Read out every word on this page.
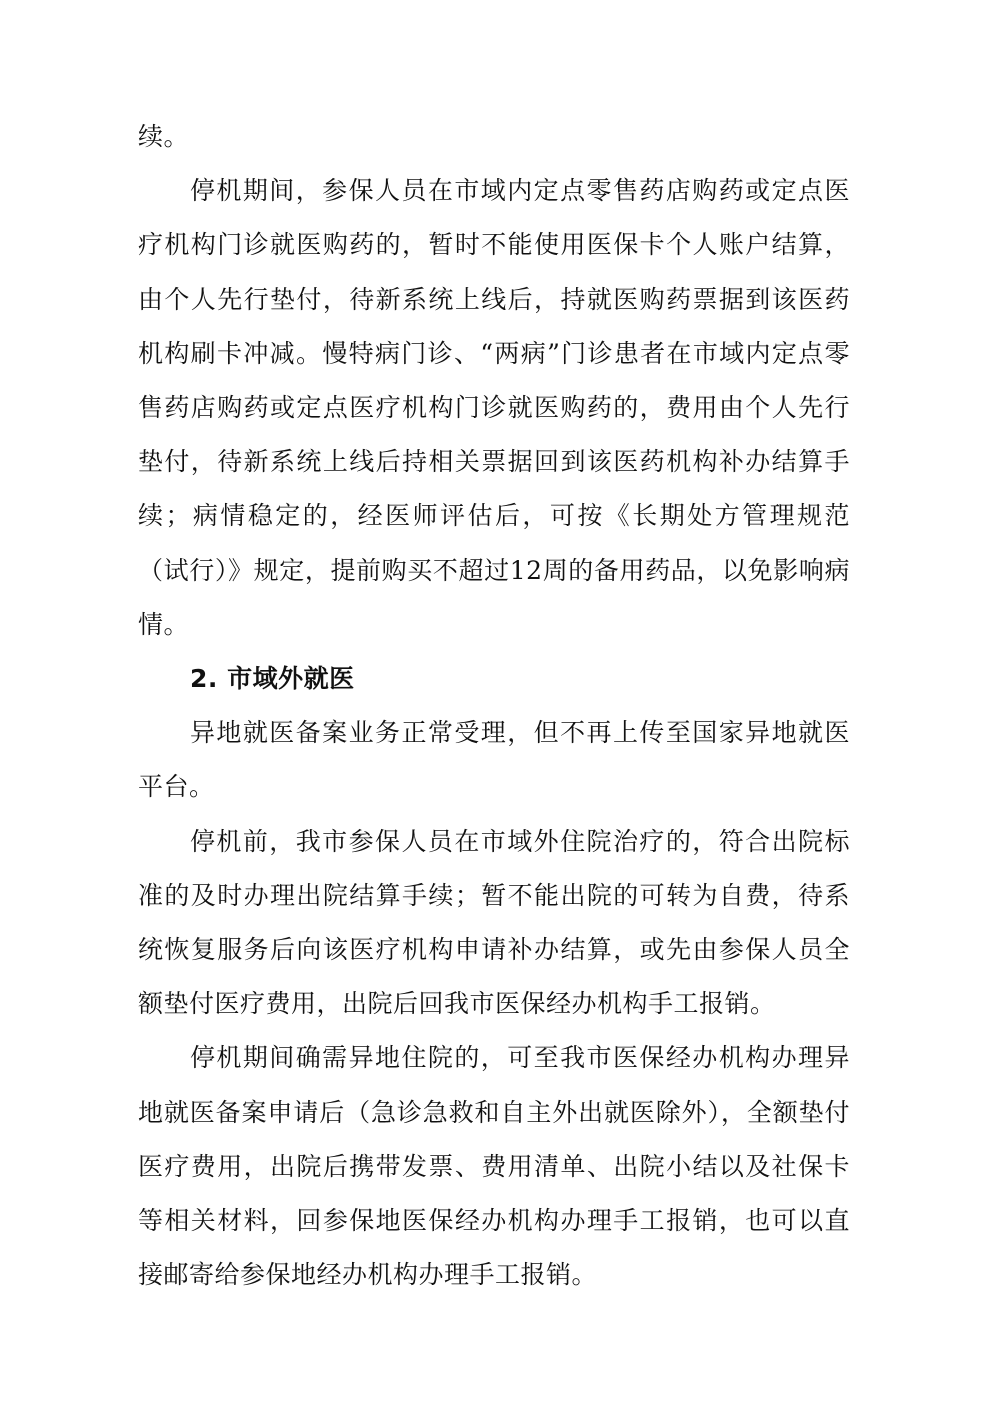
续。

停机期间，参保人员在市域内定点零售药店购药或定点医疗机构门诊就医购药的，暂时不能使用医保卡个人账户结算，由个人先行垫付，待新系统上线后，持就医购药票据到该医药机构刷卡冲减。慢特病门诊、“两病”门诊患者在市域内定点零售药店购药或定点医疗机构门诊就医购药的，费用由个人先行垫付，待新系统上线后持相关票据回到该医药机构补办结算手续；病情稳定的，经医师评估后，可按《长期处方管理规范（试行）》规定，提前购买不超过12周的备用药品，以免影响病情。

2. 市域外就医

异地就医备案业务正常受理，但不再上传至国家异地就医平台。

停机前，我市参保人员在市域外住院治疗的，符合出院标准的及时办理出院结算手续；暂不能出院的可转为自费，待系统恢复服务后向该医疗机构申请补办结算，或先由参保人员全额垫付医疗费用，出院后回我市医保经办机构手工报销。

停机期间确需异地住院的，可至我市医保经办机构办理异地就医备案申请后（急诊急救和自主外出就医除外），全额垫付医疗费用，出院后携带发票、费用清单、出院小结以及社保卡等相关材料，回参保地医保经办机构办理手工报销，也可以直接邮寄给参保地经办机构办理手工报销。
